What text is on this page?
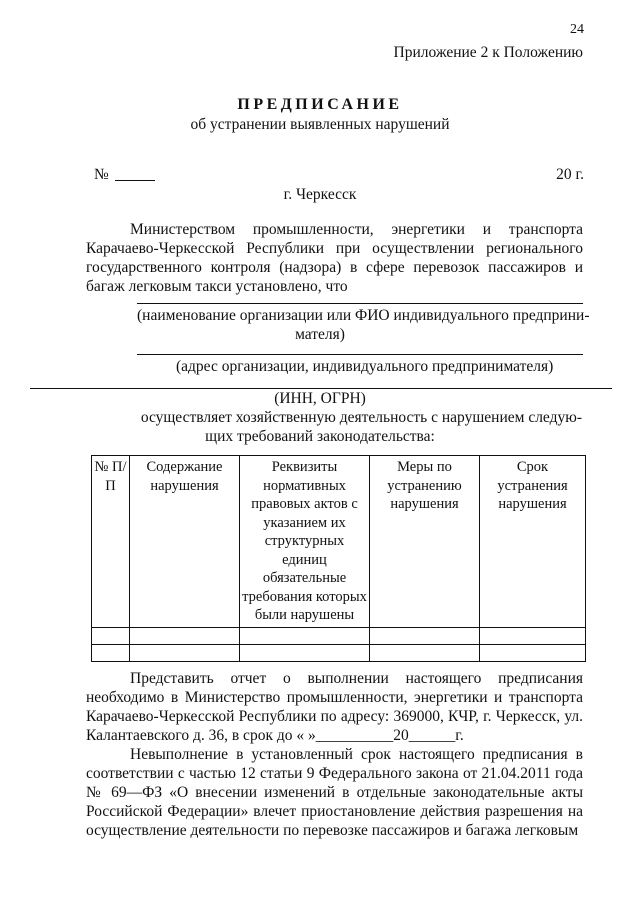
24
Приложение 2 к Положению
ПРЕДПИСАНИЕ
об устранении выявленных нарушений
№	20 г.
г. Черкесск
Министерством промышленности, энергетики и транспорта Карачаево-Черкесской Республики при осуществлении регионального государственного контроля (надзора) в сфере перевозок пассажиров и багаж легковым такси установлено, что
(наименование организации или ФИО индивидуального предприни-
мателя)
(адрес организации, индивидуального предпринимателя)
(ИНН, ОГРН)
осуществляет хозяйственную деятельность с нарушением следую-
щих требований законодательства:
№ П/П	Содержание нарушения	Реквизиты нормативных правовых актов с указанием их структурных единиц обязательные требования которых были нарушены	Меры по устранению нарушения	Срок устранения нарушения

Представить отчет о выполнении настоящего предписания необходимо в Министерство промышленности, энергетики и транспорта Карачаево-Черкесской Республики по адресу: 369000, КЧР, г. Черкесск, ул. Калантаевского д. 36, в срок до « »__________20______г.
Невыполнение в установленный срок настоящего предписания в соответствии с частью 12 статьи 9 Федерального закона от 21.04.2011 года № 69—ФЗ «О внесении изменений в отдельные законодательные акты Российской Федерации» влечет приостановление действия разрешения на осуществление деятельности по перевозке пассажиров и багажа легковым
